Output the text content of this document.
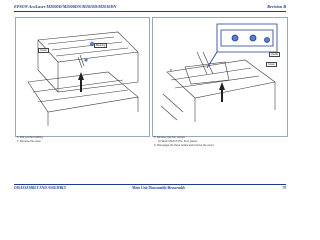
EPSON AcuLaser M2000D/M2000DN/M2010D/M2010DN	Revision B
Cover
Bushing
6. Pull out the bushing.
7. Remove the cover.
Hooks
Cover
B
8. Remove the four screws.
A) Silver M3x6 P-Tite: Four pieces
9. Disengage the three hooks and remove the cover.
DISASSEMBLY AND ASSEMBLY	Main Unit Disassembly/Reassembly	79
